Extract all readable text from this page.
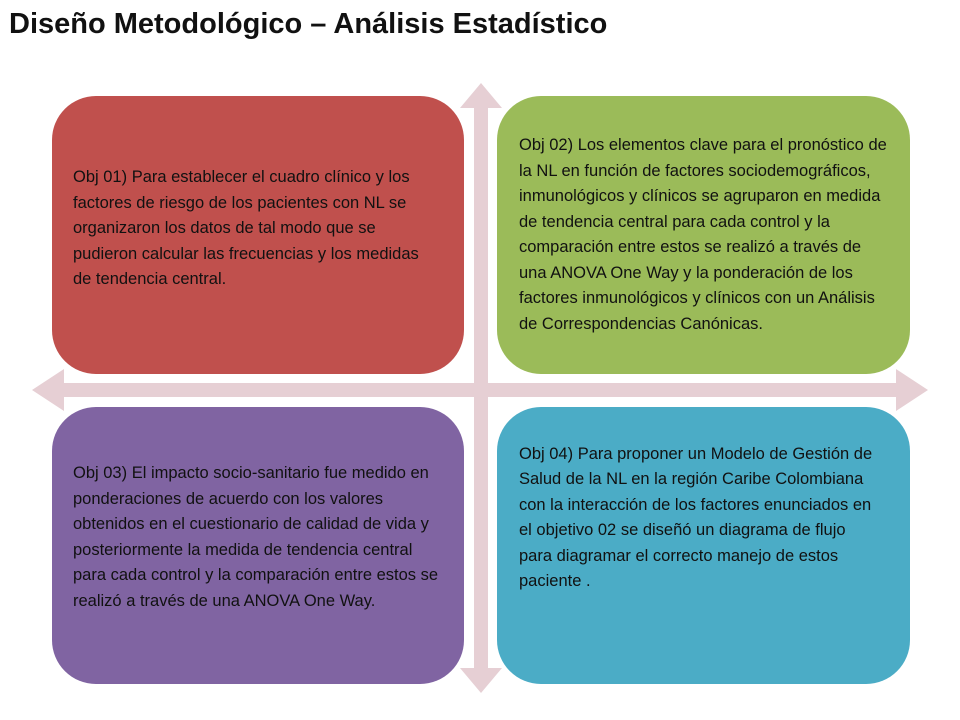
Diseño Metodológico – Análisis Estadístico

Obj 01) Para establecer el cuadro clínico y los factores de riesgo de los pacientes con NL se organizaron los datos de tal modo que se pudieron calcular las frecuencias y los medidas de tendencia central.

Obj 02) Los elementos clave para el pronóstico de la NL en función de factores sociodemográficos, inmunológicos y clínicos se agruparon en medida de tendencia central para cada control y la comparación entre estos se realizó a través de una ANOVA One Way y la ponderación de los factores inmunológicos y clínicos con un Análisis de Correspondencias Canónicas.

Obj 03) El impacto socio-sanitario fue medido en ponderaciones de acuerdo con los valores obtenidos en el cuestionario de calidad de vida y posteriormente la medida de tendencia central para cada control y la comparación entre estos se realizó a través de una ANOVA One Way.

Obj 04) Para proponer un Modelo de Gestión de Salud de la NL en la región Caribe Colombiana con la interacción de los factores enunciados en el objetivo 02 se diseñó un diagrama de flujo para diagramar el correcto manejo de estos paciente .
